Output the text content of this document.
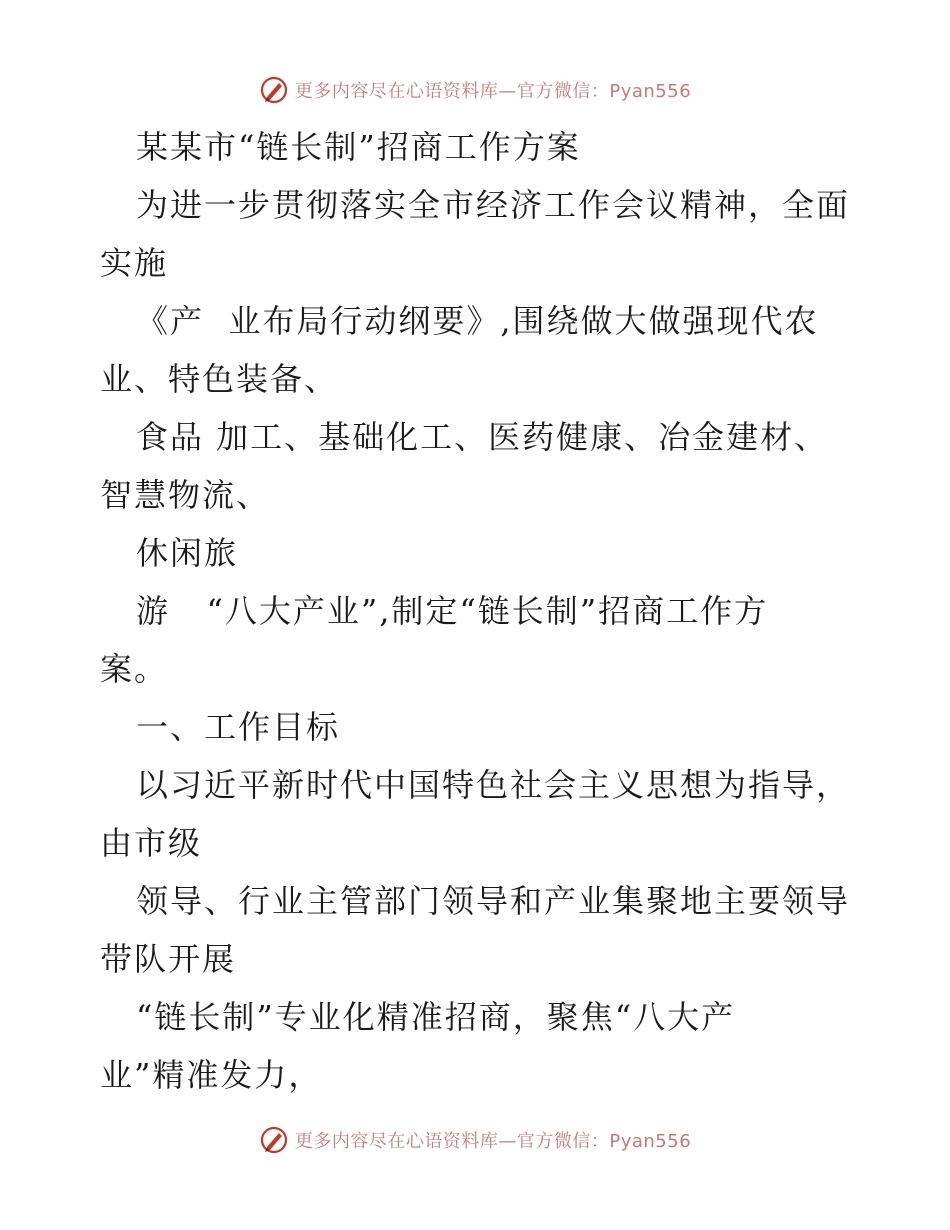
更多内容尽在心语资料库—官方微信：Pyan556
某某市“链长制”招商工作方案
为进一步贯彻落实全市经济工作会议精神，全面
实施
《产  业布局行动纲要》,围绕做大做强现代农
业、特色装备、
食品 加工、基础化工、医药健康、冶金建材、
智慧物流、
休闲旅
游   “八大产业”,制定“链长制”招商工作方
案。
一、工作目标
以习近平新时代中国特色社会主义思想为指导，
由市级
领导、行业主管部门领导和产业集聚地主要领导
带队开展
“链长制”专业化精准招商，聚焦“八大产
业”精准发力，
更多内容尽在心语资料库—官方微信：Pyan556
